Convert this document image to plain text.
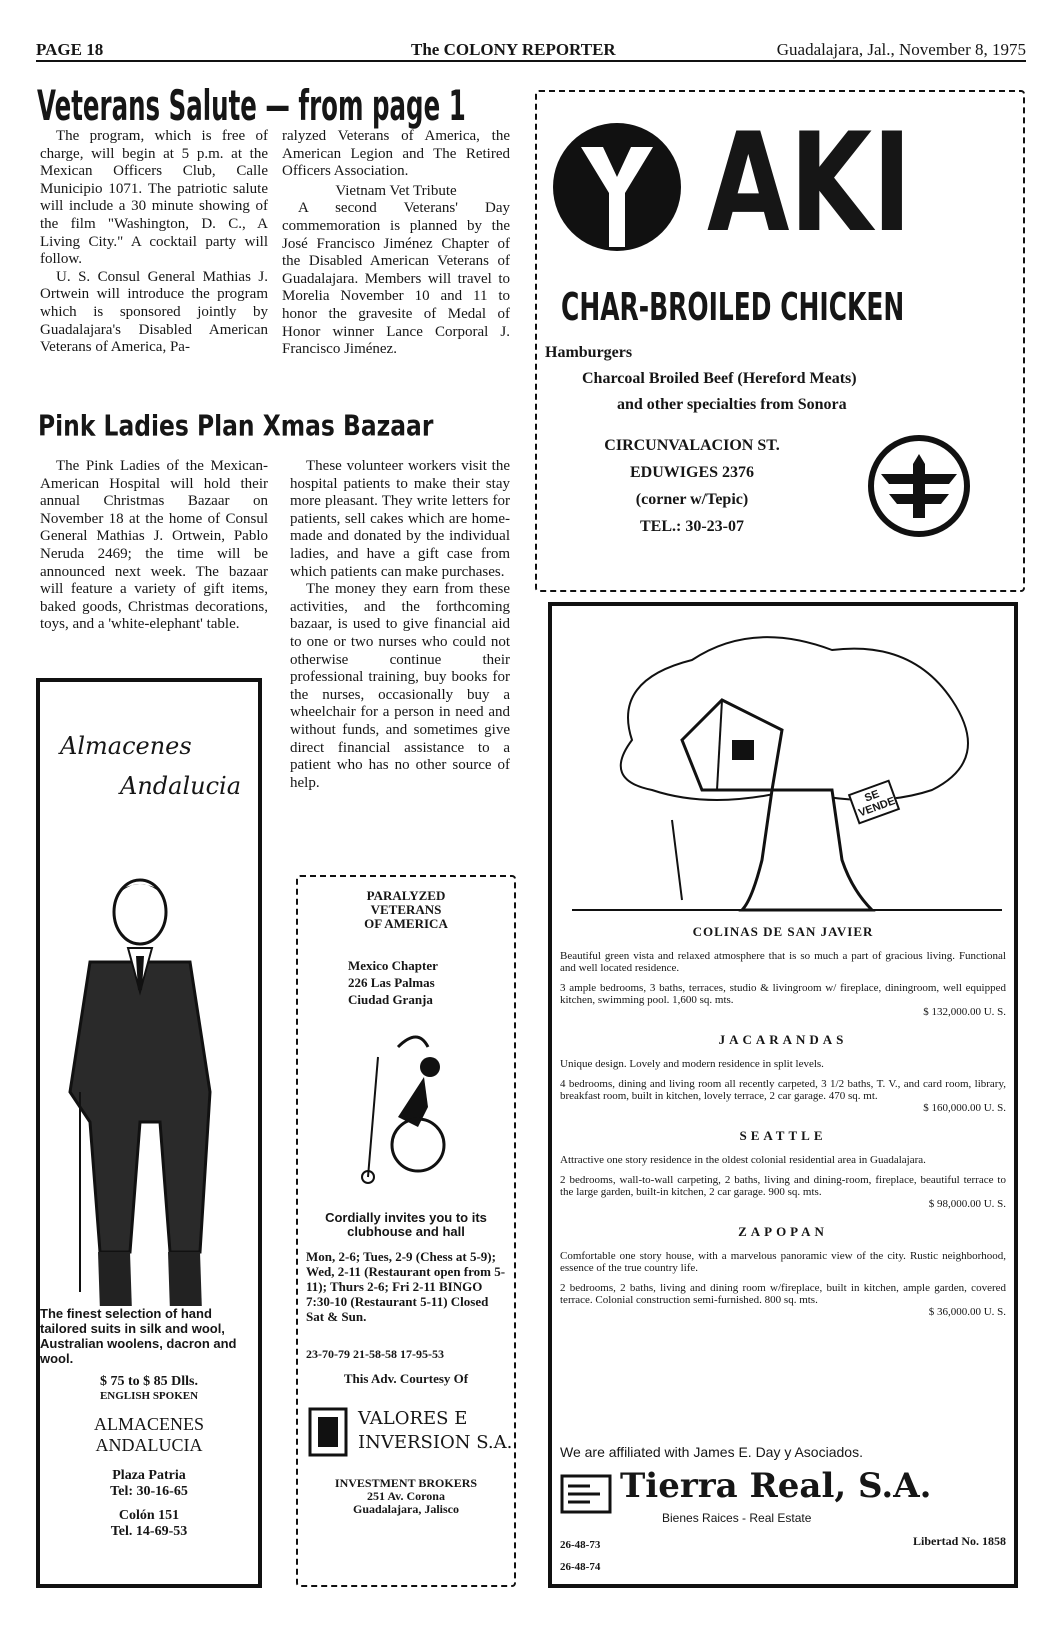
PAGE 18	The COLONY REPORTER	Guadalajara, Jal., November 8, 1975
Veterans Salute — from page 1

The program, which is free of charge, will begin at 5 p.m. at the Mexican Officers Club, Calle Municipio 1071. The patriotic salute will include a 30 minute showing of the film "Washington, D. C., A Living City." A cocktail party will follow.

U. S. Consul General Mathias J. Ortwein will introduce the program which is sponsored jointly by Guadalajara's Disabled American Veterans of America, Pa-

ralyzed Veterans of America, the American Legion and The Retired Officers Association.

Vietnam Vet Tribute

A second Veterans' Day commemoration is planned by the José Francisco Jiménez Chapter of the Disabled American Veterans of Guadalajara. Members will travel to Morelia November 10 and 11 to honor the gravesite of Medal of Honor winner Lance Corporal J. Francisco Jiménez.

Pink Ladies Plan Xmas Bazaar

The Pink Ladies of the Mexican-American Hospital will hold their annual Christmas Bazaar on November 18 at the home of Consul General Mathias J. Ortwein, Pablo Neruda 2469; the time will be announced next week. The bazaar will feature a variety of gift items, baked goods, Christmas decorations, toys, and a 'white-elephant' table.

These volunteer workers visit the hospital patients to make their stay more pleasant. They write letters for patients, sell cakes which are home-made and donated by the individual ladies, and have a gift case from which patients can make purchases.

The money they earn from these activities, and the forthcoming bazaar, is used to give financial aid to one or two nurses who could not otherwise continue their professional training, buy books for the nurses, occasionally buy a wheelchair for a person in need and without funds, and sometimes give direct financial assistance to a patient who has no other source of help.

AKI
CHAR-BROILED CHICKEN
Hamburgers
Charcoal Broiled Beef (Hereford Meats)
and other specialties from Sonora
CIRCUNVALACION ST.
EDUWIGES 2376
(corner w/Tepic)
TEL.: 30-23-07
Almacenes
Andalucia
The finest selection of hand tailored suits in silk and wool, Australian woolens, dacron and wool.
$ 75 to $ 85 Dlls.
ENGLISH SPOKEN
ALMACENES
ANDALUCIA
Plaza Patria
Tel: 30-16-65
Colón 151
Tel. 14-69-53
PARALYZED
VETERANS
OF AMERICA
Mexico Chapter
226 Las Palmas
Ciudad Granja
Cordially invites you to its clubhouse and hall
Mon, 2-6; Tues, 2-9 (Chess at 5-9); Wed, 2-11 (Restaurant open from 5-11); Thurs 2-6; Fri 2-11 BINGO 7:30-10 (Restaurant 5-11) Closed Sat & Sun.
23-70-79 21-58-58 17-95-53
This Adv. Courtesy Of
VALORES E
INVERSION S.A.
INVESTMENT BROKERS
251 Av. Corona
Guadalajara, Jalisco
SE VENDE
COLINAS DE SAN JAVIER
Beautiful green vista and relaxed atmosphere that is so much a part of gracious living. Functional and well located residence.
3 ample bedrooms, 3 baths, terraces, studio & livingroom w/ fireplace, diningroom, well equipped kitchen, swimming pool. 1,600 sq. mts.
$ 132,000.00 U. S.
JACARANDAS
Unique design. Lovely and modern residence in split levels.
4 bedrooms, dining and living room all recently carpeted, 3 1/2 baths, T. V., and card room, library, breakfast room, built in kitchen, lovely terrace, 2 car garage. 470 sq. mt.
$ 160,000.00 U. S.
SEATTLE
Attractive one story residence in the oldest colonial residential area in Guadalajara.
2 bedrooms, wall-to-wall carpeting, 2 baths, living and dining-room, fireplace, beautiful terrace to the large garden, built-in kitchen, 2 car garage. 900 sq. mts.
$ 98,000.00 U. S.
ZAPOPAN
Comfortable one story house, with a marvelous panoramic view of the city. Rustic neighborhood, essence of the true country life.
2 bedrooms, 2 baths, living and dining room w/fireplace, built in kitchen, ample garden, covered terrace. Colonial construction semi-furnished. 800 sq. mts.
$ 36,000.00 U. S.
We are affiliated with James E. Day y Asociados.
Tierra Real, S.A.
Bienes Raices - Real Estate
26-48-73
26-48-74
Libertad No. 1858
